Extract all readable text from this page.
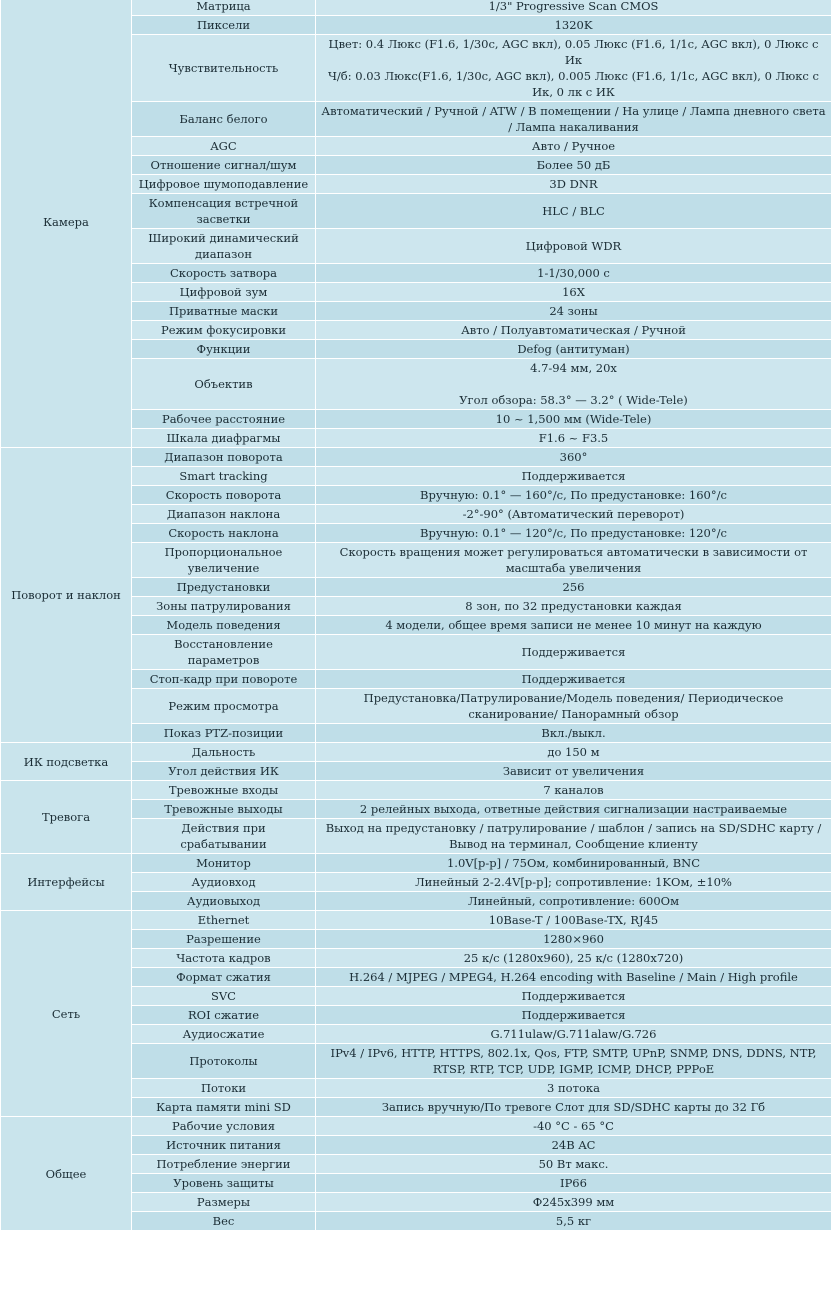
Камера	Матрица	1/3" Progressive Scan CMOS

	Пиксели	1320K

	Чувствительность	Цвет: 0.4 Люкс (F1.6, 1/30с, AGC вкл), 0.05 Люкс (F1.6, 1/1с, AGC вкл), 0 Люкс с Ик
Ч/б: 0.03 Люкс(F1.6, 1/30с, AGC вкл), 0.005 Люкс (F1.6, 1/1с, AGC вкл), 0 Люкс с Ик, 0 лк с ИК

	Баланс белого	Автоматический / Ручной / ATW / В помещении / На улице / Лампа дневного света / Лампа накаливания

	AGC	Авто / Ручное

	Отношение сигнал/шум	Более 50 дБ

	Цифровое шумоподавление	3D DNR

	Компенсация встречной засветки	HLC / BLC

	Широкий динамический диапазон	Цифровой WDR

	Скорость затвора	1-1/30,000 с

	Цифровой зум	16X

	Приватные маски	24 зоны

	Режим фокусировки	Авто / Полуавтоматическая / Ручной

	Функции	Defog (антитуман)

	Объектив	4.7-94 мм, 20x

Угол обзора: 58.3° — 3.2° ( Wide-Tele)

	Рабочее расстояние	10 ~ 1,500 мм (Wide-Tele)

	Шкала диафрагмы	F1.6 ~ F3.5

Поворот и наклон	Диапазон поворота	360°

	Smart tracking	Поддерживается

	Скорость поворота	Вручную: 0.1° — 160°/с, По предустановке: 160°/с

	Диапазон наклона	-2°-90° (Автоматический переворот)

	Скорость наклона	Вручную: 0.1° — 120°/с, По предустановке: 120°/с

	Пропорциональное увеличение	Скорость вращения может регулироваться автоматически в зависимости от масштаба увеличения

	Предустановки	256

	Зоны патрулирования	8 зон, по 32 предустановки каждая

	Модель поведения	4 модели, общее время записи не менее 10 минут на каждую

	Восстановление параметров	Поддерживается

	Стоп-кадр при повороте	Поддерживается

	Режим просмотра	Предустановка/Патрулирование/Модель поведения/ Периодическое сканирование/ Панорамный обзор

	Показ PTZ-позиции	Вкл./выкл.

ИК подсветка	Дальность	до 150 м

	Угол действия ИК	Зависит от увеличения

Тревога	Тревожные входы	7 каналов

	Тревожные выходы	2 релейных выхода, ответные действия сигнализации настраиваемые

	Действия при срабатывании	Выход на предустановку / патрулирование / шаблон / запись на SD/SDHC карту / Вывод на терминал, Сообщение клиенту

Интерфейсы	Монитор	1.0V[p-p] / 75Ом, комбинированный, BNC

	Аудиовход	Линейный 2-2.4V[p-p]; сопротивление: 1KОм, ±10%

	Аудиовыход	Линейный, сопротивление: 600Ом

Сеть	Ethernet	10Base-T / 100Base-TX, RJ45

	Разрешение	1280×960

	Частота кадров	25 к/с (1280x960), 25 к/с (1280x720)

	Формат сжатия	H.264 / MJPEG / MPEG4, H.264 encoding with Baseline / Main / High profile

	SVC	Поддерживается

	ROI сжатие	Поддерживается

	Аудиосжатие	G.711ulaw/G.711alaw/G.726

	Протоколы	IPv4 / IPv6, HTTP, HTTPS, 802.1x, Qos, FTP, SMTP, UPnP, SNMP, DNS, DDNS, NTP, RTSP, RTP, TCP, UDP, IGMP, ICMP, DHCP, PPPoE

	Потоки	3 потока

	Карта памяти mini SD	Запись вручную/По тревоге Слот для SD/SDHC карты до 32 Гб

Общее	Рабочие условия	-40 °C - 65 °C

	Источник питания	24В AC

	Потребление энергии	50 Вт макс.

	Уровень защиты	IP66

	Размеры	Ф245x399 мм

	Вес	5,5 кг
